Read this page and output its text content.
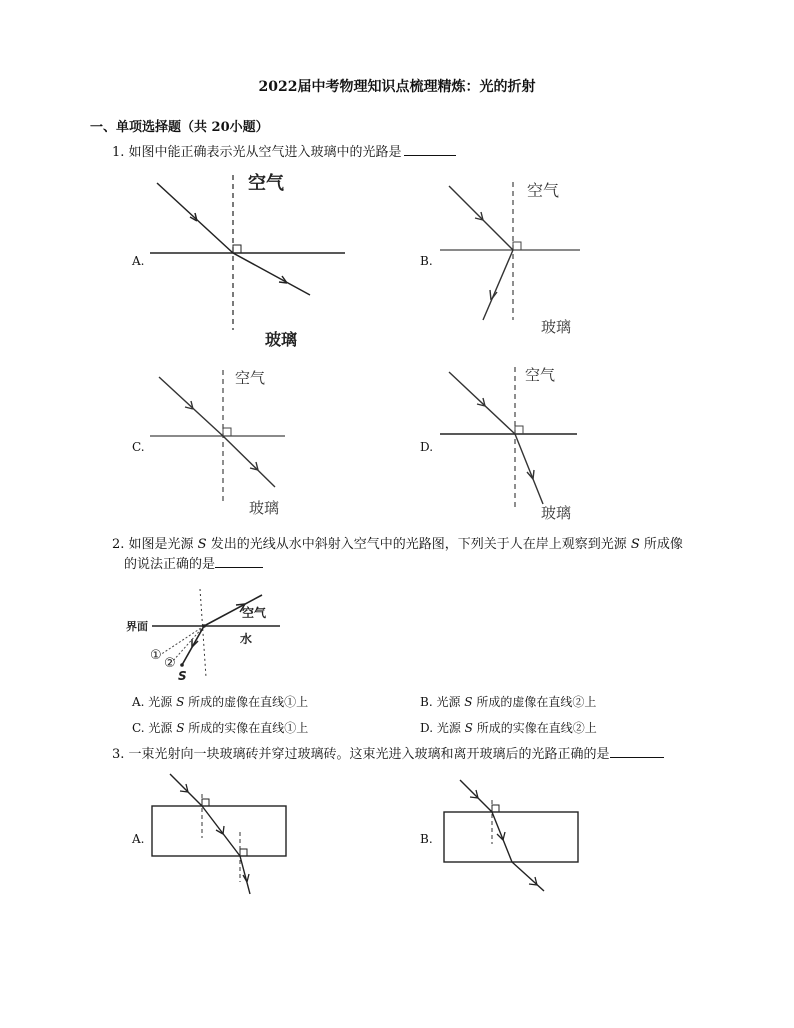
2022届中考物理知识点梳理精炼：光的折射
一、单项选择题（共 20小题）
1. 如图中能正确表示光从空气进入玻璃中的光路是
A.
空气
玻璃
B.
空气
玻璃
C.
空气
玻璃
D.
空气
玻璃
2. 如图是光源 S 发出的光线从水中斜射入空气中的光路图，下列关于人在岸上观察到光源 S 所成像
的说法正确的是
界面
空气
水
①
②
S
A. 光源 S 所成的虚像在直线①上	B. 光源 S 所成的虚像在直线②上
C. 光源 S 所成的实像在直线①上	D. 光源 S 所成的实像在直线②上
3. 一束光射向一块玻璃砖并穿过玻璃砖。这束光进入玻璃和离开玻璃后的光路正确的是
A.	B.
